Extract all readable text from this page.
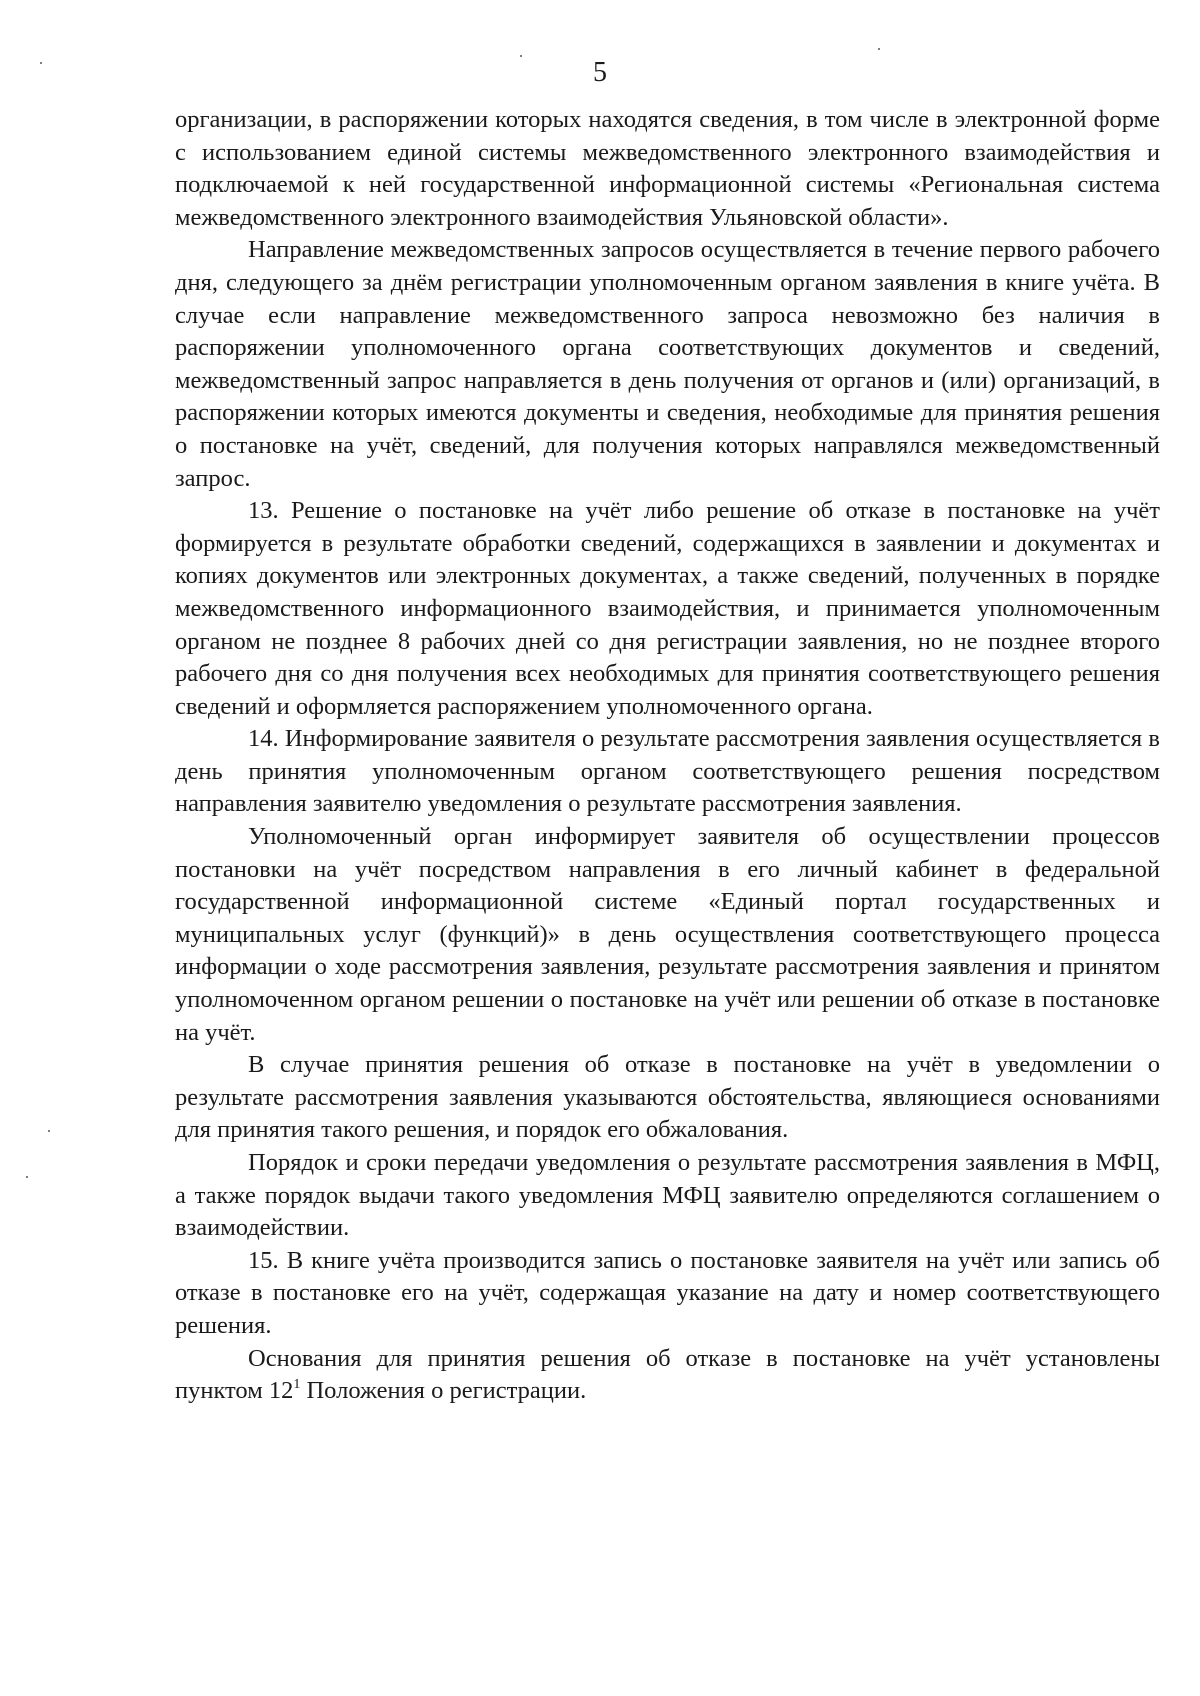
5

организации, в распоряжении которых находятся сведения, в том числе в электронной форме с использованием единой системы межведомственного электронного взаимодействия и подключаемой к ней государственной информационной системы «Региональная система межведомственного электронного взаимодействия Ульяновской области».

Направление межведомственных запросов осуществляется в течение первого рабочего дня, следующего за днём регистрации уполномоченным органом заявления в книге учёта. В случае если направление межведомственного запроса невозможно без наличия в распоряжении уполномоченного органа соответствующих документов и сведений, межведомственный запрос направляется в день получения от органов и (или) организаций, в распоряжении которых имеются документы и сведения, необходимые для принятия решения о постановке на учёт, сведений, для получения которых направлялся межведомственный запрос.

13. Решение о постановке на учёт либо решение об отказе в постановке на учёт формируется в результате обработки сведений, содержащихся в заявлении и документах и копиях документов или электронных документах, а также сведений, полученных в порядке межведомственного информационного взаимодействия, и принимается уполномоченным органом не позднее 8 рабочих дней со дня регистрации заявления, но не позднее второго рабочего дня со дня получения всех необходимых для принятия соответствующего решения сведений и оформляется распоряжением уполномоченного органа.

14. Информирование заявителя о результате рассмотрения заявления осуществляется в день принятия уполномоченным органом соответствующего решения посредством направления заявителю уведомления о результате рассмотрения заявления.

Уполномоченный орган информирует заявителя об осуществлении процессов постановки на учёт посредством направления в его личный кабинет в федеральной государственной информационной системе «Единый портал государственных и муниципальных услуг (функций)» в день осуществления соответствующего процесса информации о ходе рассмотрения заявления, результате рассмотрения заявления и принятом уполномоченном органом решении о постановке на учёт или решении об отказе в постановке на учёт.

В случае принятия решения об отказе в постановке на учёт в уведомлении о результате рассмотрения заявления указываются обстоятельства, являющиеся основаниями для принятия такого решения, и порядок его обжалования.

Порядок и сроки передачи уведомления о результате рассмотрения заявления в МФЦ, а также порядок выдачи такого уведомления МФЦ заявителю определяются соглашением о взаимодействии.

15. В книге учёта производится запись о постановке заявителя на учёт или запись об отказе в постановке его на учёт, содержащая указание на дату и номер соответствующего решения.

Основания для принятия решения об отказе в постановке на учёт установлены пунктом $12^1$ Положения о регистрации.
